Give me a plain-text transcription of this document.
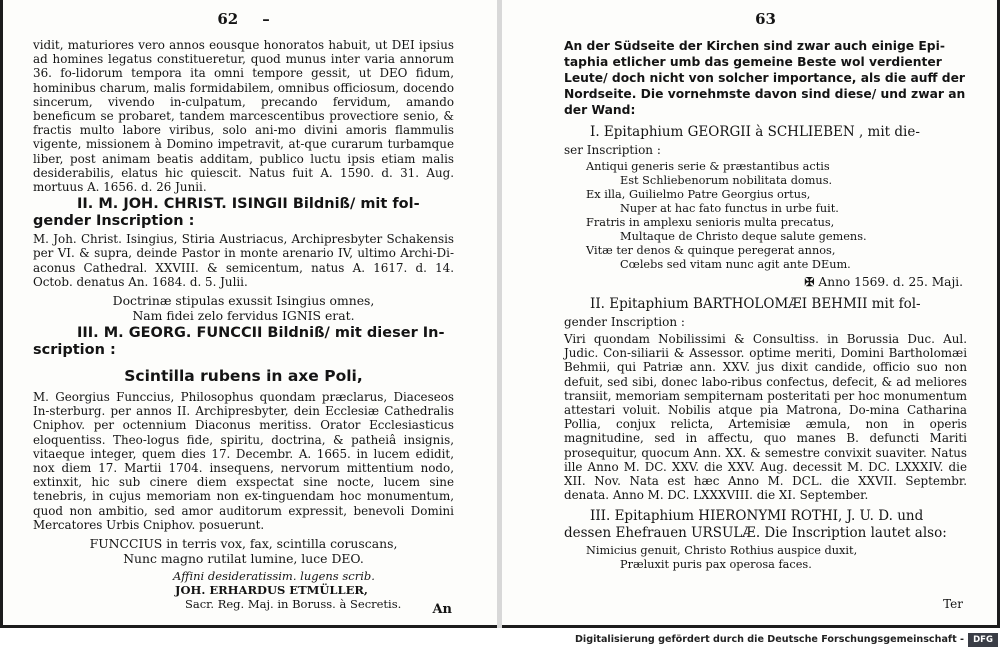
62 –

vidit, maturiores vero annos eousque honoratos habuit, ut DEI ipsius ad homines legatus constitueretur, quod munus inter varia annorum 36. fo-lidorum tempora ita omni tempore gessit, ut DEO fidum, hominibus charum, malis formidabilem, omnibus officiosum, docendo sincerum, vivendo in-culpatum, precando fervidum, amando beneficum se probaret, tandem marcescentibus provectiore senio, & fractis multo labore viribus, solo ani-mo divini amoris flammulis vigente, missionem à Domino impetravit, at-que curarum turbamque liber, post animam beatis additam, publico luctu ipsis etiam malis desiderabilis, elatus hic quiescit. Natus fuit A. 1590. d. 31. Aug. mortuus A. 1656. d. 26 Junii.

II. M. JOH. CHRIST. ISINGII Bildniß/ mit fol-gender Inscription :

M. Joh. Christ. Isingius, Stiria Austriacus, Archipresbyter Schakensis per VI. & supra, deinde Pastor in monte arenario IV, ultimo Archi-Di-aconus Cathedral. XXVIII. & semicentum, natus A. 1617. d. 14. Octob. denatus An. 1684. d. 5. Julii.

Doctrinæ stipulas exussit Isingius omnes,
Nam fidei zelo fervidus IGNIS erat.

III. M. GEORG. FUNCCII Bildniß/ mit dieser In-scription :

Scintilla rubens in axe Poli,

M. Georgius Funccius, Philosophus quondam præclarus, Diaceseos In-sterburg. per annos II. Archipresbyter, dein Ecclesiæ Cathedralis Cniphov. per octennium Diaconus meritiss. Orator Ecclesiasticus eloquentiss. Theo-logus fide, spiritu, doctrina, & patheiâ insignis, vitaeque integer, quem dies 17. Decembr. A. 1665. in lucem edidit, nox diem 17. Martii 1704. insequens, nervorum mittentium nodo, extinxit, hic sub cinere diem exspectat sine nocte, lucem sine tenebris, in cujus memoriam non ex-tinguendam hoc monumentum, quod non ambitio, sed amor auditorum expressit, benevoli Domini Mercatores Urbis Cniphov. posuerunt.

FUNCCIUS in terris vox, fax, scintilla coruscans,
Nunc magno rutilat lumine, luce DEO.

Affini desideratissim. lugens scrib.

JOH. ERHARDUS ETMÜLLER,

Sacr. Reg. Maj. in Boruss. à Secretis.	An
63

An der Südseite der Kirchen sind zwar auch einige Epi-taphia etlicher umb das gemeine Beste wol verdienter Leute/ doch nicht von solcher importance, als die auff der Nordseite. Die vornehmste davon sind diese/ und zwar an der Wand:

I. Epitaphium GEORGII à SCHLIEBEN , mit die-

ser Inscription :

Antiqui generis serie & præstantibus actis

Est Schliebenorum nobilitata domus.

Ex illa, Guilielmo Patre Georgius ortus,

Nuper at hac fato functus in urbe fuit.

Fratris in amplexu senioris multa precatus,

Multaque de Christo deque salute gemens.

Vitæ ter denos & quinque peregerat annos,

Cœlebs sed vitam nunc agit ante DEum.

✠ Anno 1569. d. 25. Maji.

II. Epitaphium BARTHOLOMÆI BEHMII mit fol-

gender Inscription :

Viri quondam Nobilissimi & Consultiss. in Borussia Duc. Aul. Judic. Con-siliarii & Assessor. optime meriti, Domini Bartholomæi Behmii, qui Patriæ ann. XXV. jus dixit candide, officio suo non defuit, sed sibi, donec labo-ribus confectus, defecit, & ad meliores transiit, memoriam sempiternam posteritati per hoc monumentum attestari voluit. Nobilis atque pia Matrona, Do-mina Catharina Pollia, conjux relicta, Artemisiæ æmula, non in operis magnitudine, sed in affectu, quo manes B. defuncti Mariti prosequitur, quocum Ann. XX. & semestre convixit suaviter. Natus ille Anno M. DC. XXV. die XXV. Aug. decessit M. DC. LXXXIV. die XII. Nov. Nata est hæc Anno M. DCL. die XXVII. Septembr. denata. Anno M. DC. LXXXVIII. die XI. September.

III. Epitaphium HIERONYMI ROTHI, J. U. D. und dessen Ehefrauen URSULÆ. Die Inscription lautet also:

Nimicius genuit, Christo Rothius auspice duxit,

Præluxit puris pax operosa faces.

Ter
Digitalisierung gefördert durch die Deutsche Forschungsgemeinschaft -	DFG
